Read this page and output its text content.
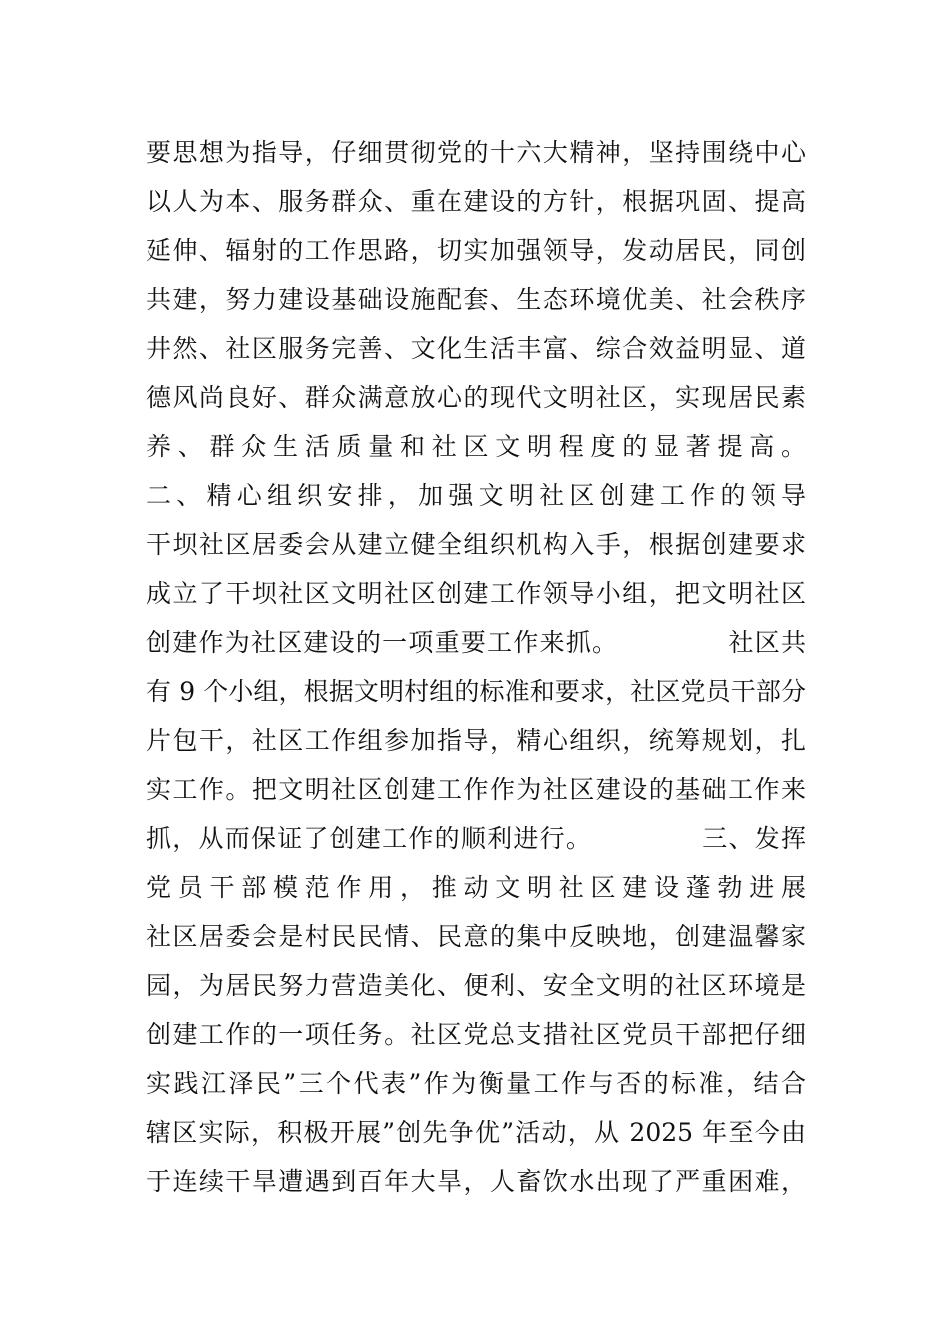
要思想为指导，仔细贯彻党的十六大精神，坚持围绕中心
以人为本、服务群众、重在建设的方针，根据巩固、提高
延伸、辐射的工作思路，切实加强领导，发动居民，同创
共建，努力建设基础设施配套、生态环境优美、社会秩序
井然、社区服务完善、文化生活丰富、综合效益明显、道
德风尚良好、群众满意放心的现代文明社区，实现居民素
养、群众生活质量和社区文明程度的显著提高。
二、精心组织安排，加强文明社区创建工作的领导
干坝社区居委会从建立健全组织机构入手，根据创建要求
成立了干坝社区文明社区创建工作领导小组，把文明社区
创建作为社区建设的一项重要工作来抓。            社区共
有 9 个小组，根据文明村组的标准和要求，社区党员干部分
片包干，社区工作组参加指导，精心组织，统筹规划，扎
实工作。把文明社区创建工作作为社区建设的基础工作来
抓，从而保证了创建工作的顺利进行。            三、发挥
党员干部模范作用，推动文明社区建设蓬勃进展
社区居委会是村民民情、民意的集中反映地，创建温馨家
园，为居民努力营造美化、便利、安全文明的社区环境是
创建工作的一项任务。社区党总支措社区党员干部把仔细
实践江泽民”三个代表”作为衡量工作与否的标准，结合
辖区实际，积极开展”创先争优”活动，从 2025 年至今由
于连续干旱遭遇到百年大旱，人畜饮水出现了严重困难，
